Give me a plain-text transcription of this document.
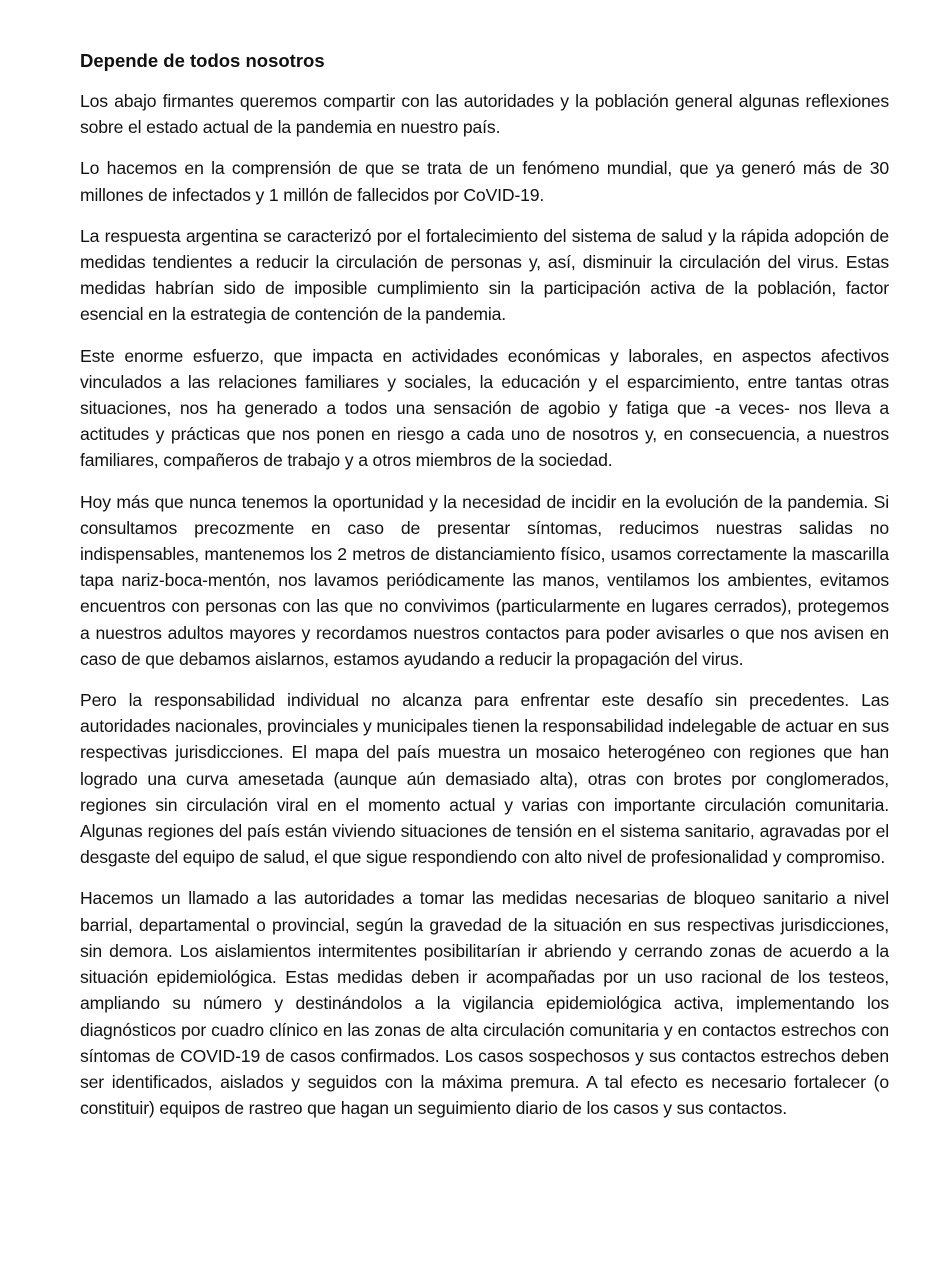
Depende de todos nosotros

Los abajo firmantes queremos compartir con las autoridades y la población general algunas reflexiones sobre el estado actual de la pandemia en nuestro país.

Lo hacemos en la comprensión de que se trata de un fenómeno mundial, que ya generó más de 30 millones de infectados y 1 millón de fallecidos por CoVID-19.

La respuesta argentina se caracterizó por el fortalecimiento del sistema de salud y la rápida adopción de medidas tendientes a reducir la circulación de personas y, así, disminuir la circulación del virus. Estas medidas habrían sido de imposible cumplimiento sin la participación activa de la población, factor esencial en la estrategia de contención de la pandemia.

Este enorme esfuerzo, que impacta en actividades económicas y laborales, en aspectos afectivos vinculados a las relaciones familiares y sociales, la educación y el esparcimiento, entre tantas otras situaciones, nos ha generado a todos una sensación de agobio y fatiga que -a veces- nos lleva a actitudes y prácticas que nos ponen en riesgo a cada uno de nosotros y, en consecuencia, a nuestros familiares, compañeros de trabajo y a otros miembros de la sociedad.

Hoy más que nunca tenemos la oportunidad y la necesidad de incidir en la evolución de la pandemia. Si consultamos precozmente en caso de presentar síntomas, reducimos nuestras salidas no indispensables, mantenemos los 2 metros de distanciamiento físico, usamos correctamente la mascarilla tapa nariz-boca-mentón, nos lavamos periódicamente las manos, ventilamos los ambientes, evitamos encuentros con personas con las que no convivimos (particularmente en lugares cerrados), protegemos a nuestros adultos mayores y recordamos nuestros contactos para poder avisarles o que nos avisen en caso de que debamos aislarnos, estamos ayudando a reducir la propagación del virus.

Pero la responsabilidad individual no alcanza para enfrentar este desafío sin precedentes. Las autoridades nacionales, provinciales y municipales tienen la responsabilidad indelegable de actuar en sus respectivas jurisdicciones. El mapa del país muestra un mosaico heterogéneo con regiones que han logrado una curva amesetada (aunque aún demasiado alta), otras con brotes por conglomerados, regiones sin circulación viral en el momento actual y varias con importante circulación comunitaria. Algunas regiones del país están viviendo situaciones de tensión en el sistema sanitario, agravadas por el desgaste del equipo de salud, el que sigue respondiendo con alto nivel de profesionalidad y compromiso.

Hacemos un llamado a las autoridades a tomar las medidas necesarias de bloqueo sanitario a nivel barrial, departamental o provincial, según la gravedad de la situación en sus respectivas jurisdicciones, sin demora. Los aislamientos intermitentes posibilitarían ir abriendo y cerrando zonas de acuerdo a la situación epidemiológica. Estas medidas deben ir acompañadas por un uso racional de los testeos, ampliando su número y destinándolos a la vigilancia epidemiológica activa, implementando los diagnósticos por cuadro clínico en las zonas de alta circulación comunitaria y en contactos estrechos con síntomas de COVID-19 de casos confirmados. Los casos sospechosos y sus contactos estrechos deben ser identificados, aislados y seguidos con la máxima premura. A tal efecto es necesario fortalecer (o constituir) equipos de rastreo que hagan un seguimiento diario de los casos y sus contactos.
